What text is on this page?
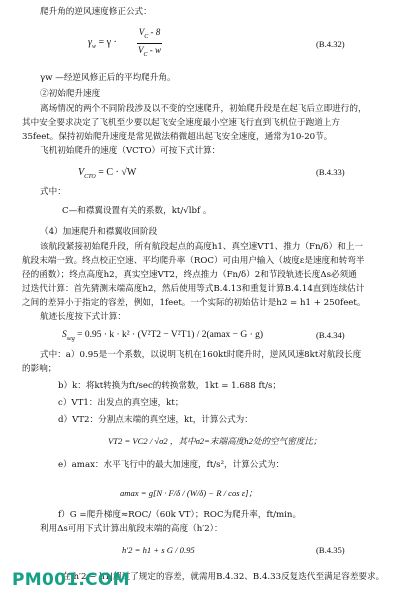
爬升角的逆风速度修正公式：
$\gamma_w = \gamma \cdot \frac{V_C - 8}{V_C - w}$	(B.4.32)
γw —经逆风修正后的平均爬升角。
②初始爬升速度
离场情况的两个不同阶段涉及以不变的空速爬升，初始爬升段是在起飞后立即进行的，
其中安全要求决定了飞机至少要以起飞安全速度最小空速飞行直到飞机位于跑道上方
35feet。保持初始爬升速度是常见做法稍微超出起飞安全速度，通常为10-20节。
飞机初始爬升的速度（VCTO）可按下式计算：
$V_{CTO} = C \cdot √W$	(B.4.33)
式中：
C—和襟翼设置有关的系数，kt/√lbf 。
（4）加速爬升和襟翼收回阶段
该航段紧接初始爬升段，所有航段起点的高度h1、真空速VT1、推力（Fn/δ）和上一
航段末端一致。终点校正空速、平均爬升率（ROC）可由用户输入（坡度ε是速度和转弯半
径的函数）；终点高度h2，真实空速VT2，终点推力（Fn/δ）2和节段轨迹长度Δs必须通
过迭代计算：首先猜测末端高度h2，然后使用等式B.4.13和重复计算B.4.14直到连续估计
之间的差异小于指定的容差，例如，1feet。一个实际的初始估计是h2 = h1 + 250feet。
航迹长度按下式计算：
$S_{seg} = 0.95 \cdot k \cdot k^2 \cdot (V^2T2 - V^2T1) / 2(amax - G \cdot g)$	(B.4.34)
式中：a）0.95是一个系数，以说明飞机在160kt时爬升时，逆风风速8kt对航段长度
的影响；
b）k：将kt转换为ft/sec的转换常数，1kt = 1.688 ft/s；
c）VT1：出发点的真空速，kt；
d）VT2：分割点末端的真空速，kt，计算公式为：
VT2 = VC2 / √σ2 ，其中σ2=末端高度h2处的空气密度比；
e）amax：水平飞行中的最大加速度，ft/s²，计算公式为：
amax = g[N · F/δ / (W/δ) − R / cos ε]；
f）G =爬升梯度≈ROC/（60k VT）；ROC为爬升率，ft/min。
利用Δs可用下式计算出航段末端的高度（h′2）：
h′2 = h1 + s G / 0.95	(B.4.35)
在|h′2 − h1|超过了规定的容差，就需用B.4.32、B.4.33反复迭代至满足容差要求。
PM001.COM
